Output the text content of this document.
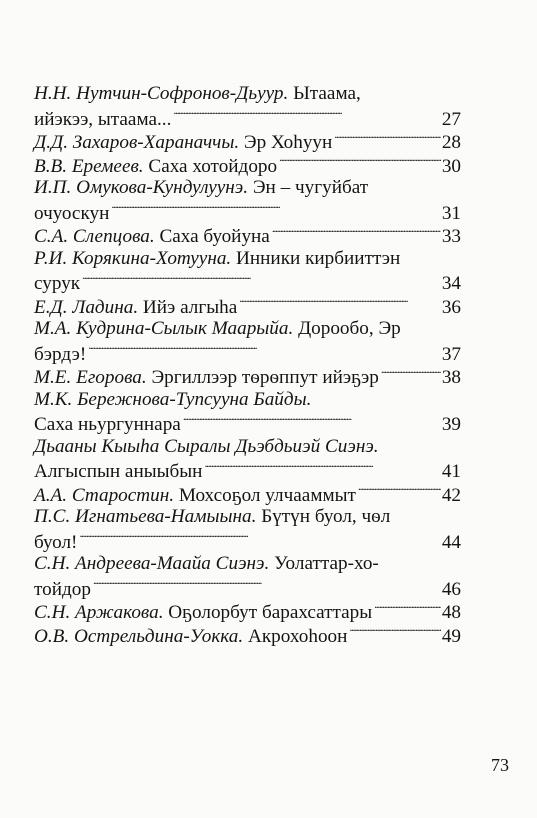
Н.Н. Нутчин-Софронов-Дьуур. Ытаама,
ийэкээ, ытаама... . . .	27
Д.Д. Захаров-Хараначчы. Эр Хоhуун . . .	28
В.В. Еремеев. Саха хотойдоро . . .	30
И.П. Омукова-Кундулуунэ. Эн – чугуйбат
очуоскун . . .	31
С.А. Слепцова. Саха буойуна . . .	33
Р.И. Корякина-Хотууна. Инники кирбииттэн
сурук . . .	34
Е.Д. Ладина. Ийэ алгыhа . . .	36
М.А. Кудрина-Сылык Маарыйа. Дорообо, Эр
бэрдэ! . . .	37
М.Е. Егорова. Эргиллээр тѳрѳппут ийэҕэр . . .	38
М.К. Бережнова-Тупсууна Байды.
Саха ньургуннара . . .	39
Дьааны Кыыhа Сыралы Дьэбдьиэй Сиэнэ.
Алгыспын аныыбын . . .	41
А.А. Старостин. Мохсоҕол улчааммыт . . .	42
П.С. Игнатьева-Намыына. Бүтүн буол, чѳл
буол! . . .	44
С.Н. Андреева-Маайа Сиэнэ. Уолаттар-хо-
тойдор . . .	46
С.Н. Аржакова. Оҕолорбут барахсаттары . . .	48
О.В. Острельдина-Уокка. Акрохоhоон . . .	49
73
